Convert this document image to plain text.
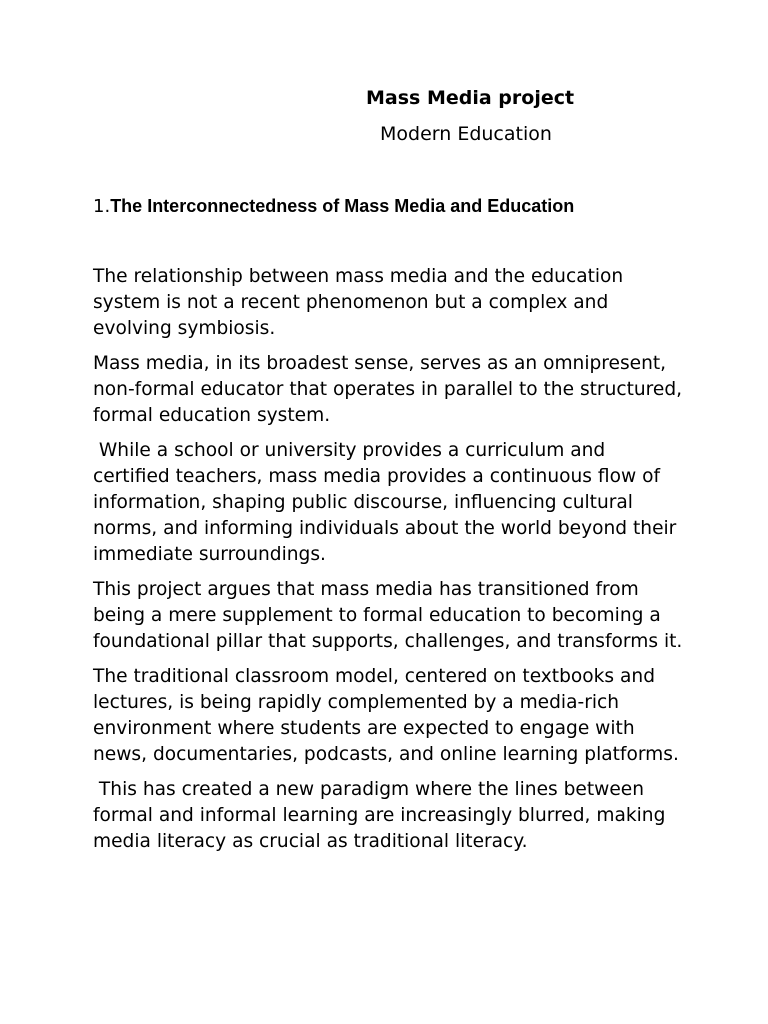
Mass Media project
Modern Education
1.The Interconnectedness of Mass Media and Education

The relationship between mass media and the education system is not a recent phenomenon but a complex and evolving symbiosis.

Mass media, in its broadest sense, serves as an omnipresent, non-formal educator that operates in parallel to the structured, formal education system.

While a school or university provides a curriculum and certified teachers, mass media provides a continuous flow of information, shaping public discourse, influencing cultural norms, and informing individuals about the world beyond their immediate surroundings.

This project argues that mass media has transitioned from being a mere supplement to formal education to becoming a foundational pillar that supports, challenges, and transforms it.

The traditional classroom model, centered on textbooks and lectures, is being rapidly complemented by a media-rich environment where students are expected to engage with news, documentaries, podcasts, and online learning platforms.

This has created a new paradigm where the lines between formal and informal learning are increasingly blurred, making media literacy as crucial as traditional literacy.
